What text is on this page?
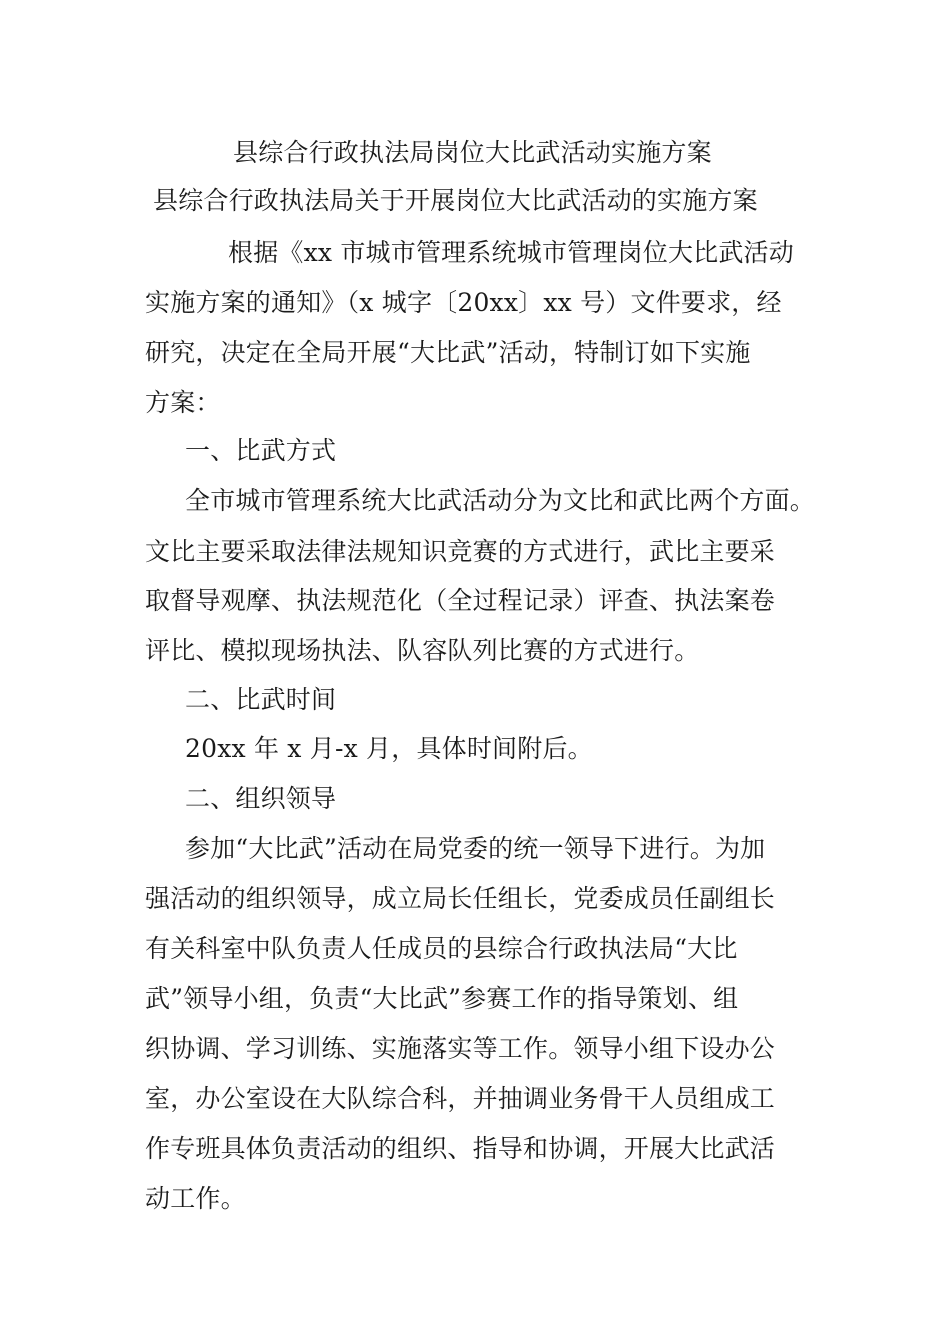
县综合行政执法局岗位大比武活动实施方案
县综合行政执法局关于开展岗位大比武活动的实施方案
根据《xx 市城市管理系统城市管理岗位大比武活动
实施方案的通知》（x 城字〔20xx〕xx 号）文件要求，经
研究，决定在全局开展“大比武”活动，特制订如下实施
方案：
一、比武方式
全市城市管理系统大比武活动分为文比和武比两个方面。
文比主要采取法律法规知识竞赛的方式进行，武比主要采
取督导观摩、执法规范化（全过程记录）评查、执法案卷
评比、模拟现场执法、队容队列比赛的方式进行。
二、比武时间
20xx 年 x 月-x 月，具体时间附后。
二、组织领导
参加“大比武”活动在局党委的统一领导下进行。为加
强活动的组织领导，成立局长任组长，党委成员任副组长
有关科室中队负责人任成员的县综合行政执法局“大比
武”领导小组，负责“大比武”参赛工作的指导策划、组
织协调、学习训练、实施落实等工作。领导小组下设办公
室，办公室设在大队综合科，并抽调业务骨干人员组成工
作专班具体负责活动的组织、指导和协调，开展大比武活
动工作。
